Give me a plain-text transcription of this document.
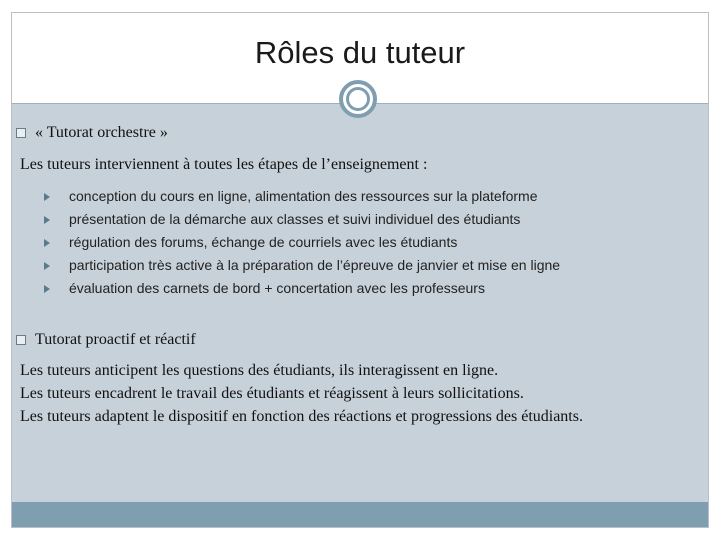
Rôles du tuteur
« Tutorat orchestre »
Les tuteurs interviennent à toutes les étapes de l’enseignement :
conception du cours en ligne, alimentation des ressources sur la plateforme
présentation de la démarche aux classes et suivi individuel des étudiants
régulation des forums, échange de courriels avec les étudiants
participation très active à la préparation de l’épreuve de janvier et mise en ligne
évaluation des carnets de bord + concertation avec les professeurs
Tutorat proactif et réactif
Les tuteurs anticipent les questions des étudiants, ils interagissent en ligne.
Les tuteurs encadrent le travail des étudiants et réagissent à leurs sollicitations.
Les tuteurs adaptent le dispositif en fonction des réactions et progressions des étudiants.
